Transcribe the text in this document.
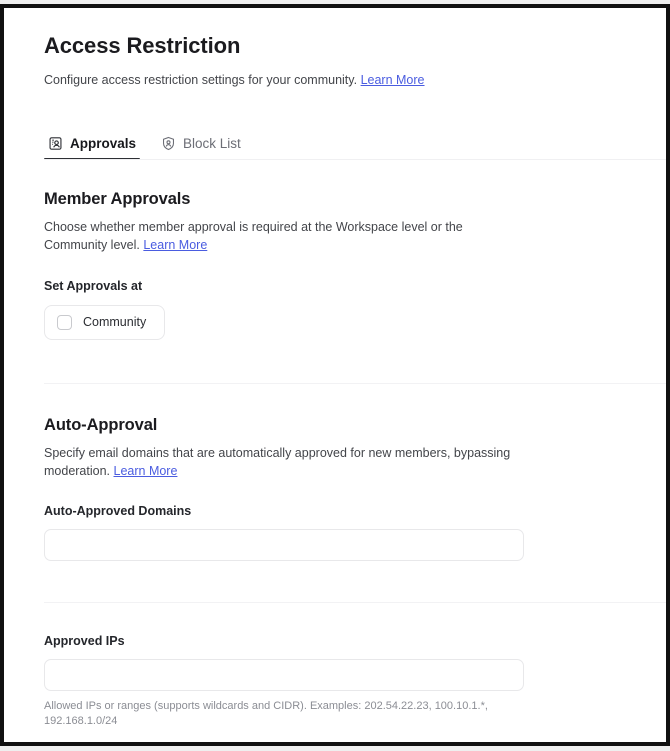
Access Restriction

Configure access restriction settings for your community. Learn More

Approvals	Block List
Member Approvals

Choose whether member approval is required at the Workspace level or the Community level. Learn More

Set Approvals at

Community
Auto-Approval

Specify email domains that are automatically approved for new members, bypassing moderation. Learn More

Auto-Approved Domains

Approved IPs

Allowed IPs or ranges (supports wildcards and CIDR). Examples: 202.54.22.23, 100.10.1.*, 192.168.1.0/24
